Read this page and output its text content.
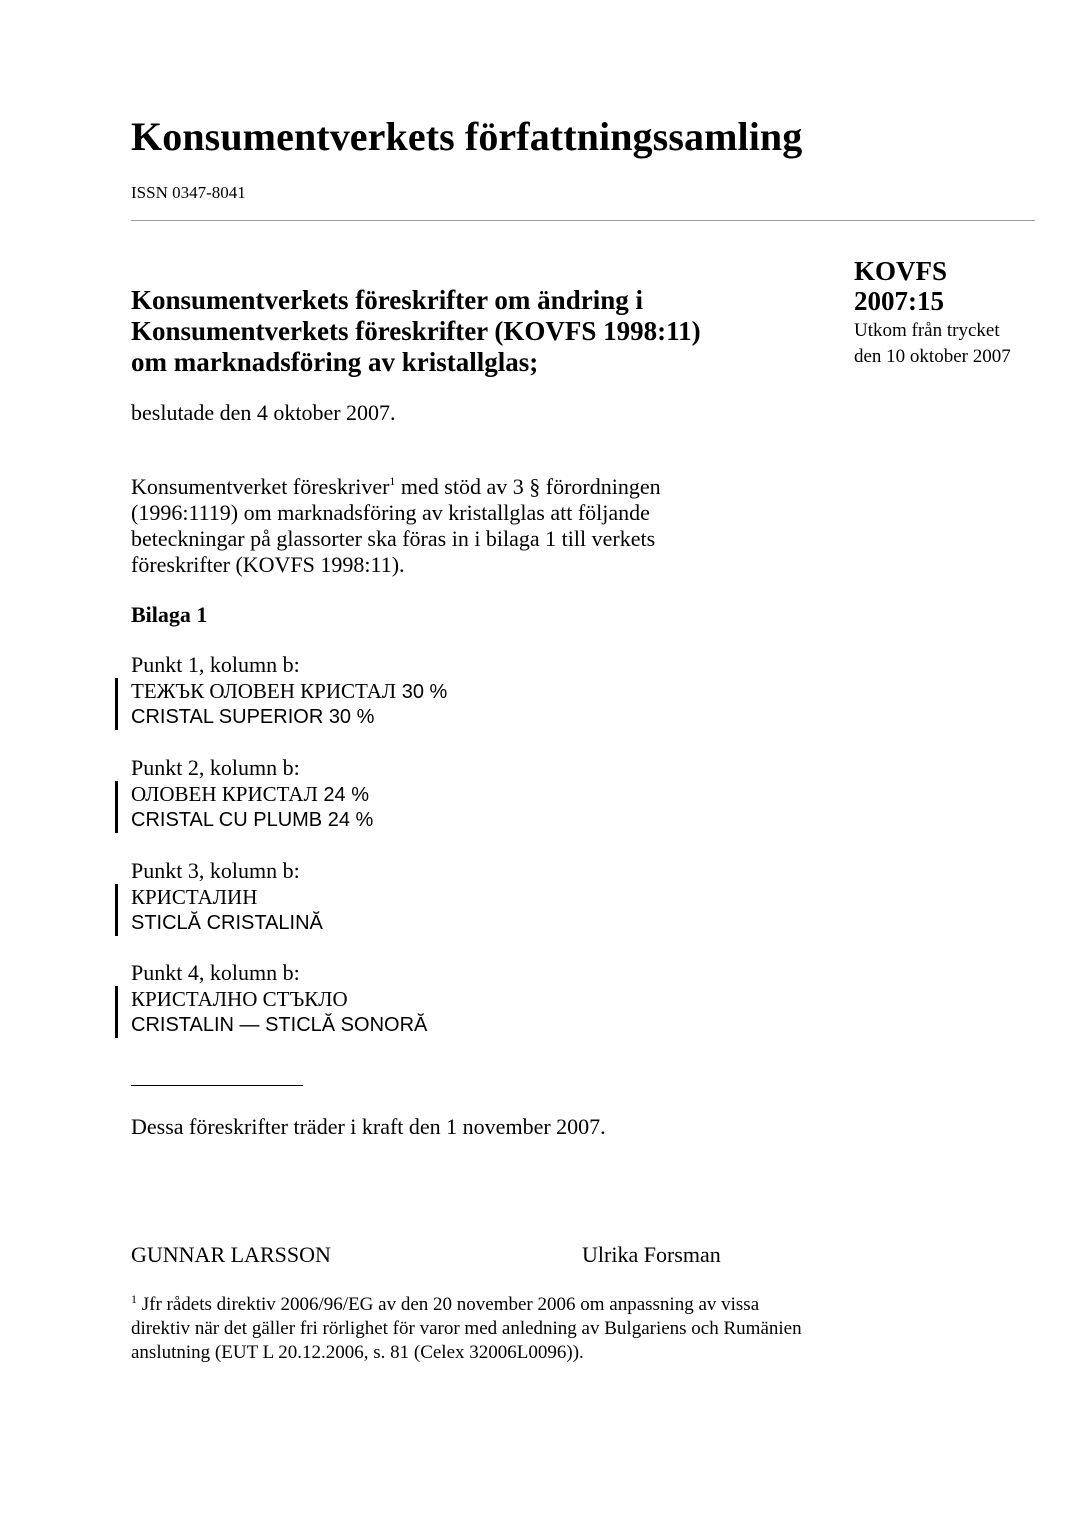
Konsumentverkets författningssamling
ISSN 0347-8041
Konsumentverkets föreskrifter om ändring i
Konsumentverkets föreskrifter (KOVFS 1998:11)
om marknadsföring av kristallglas;
KOVFS
2007:15
Utkom från trycket
den 10 oktober 2007
beslutade den 4 oktober 2007.
Konsumentverket föreskriver$^1$ med stöd av 3 § förordningen (1996:1119) om marknadsföring av kristallglas att följande beteckningar på glassorter ska föras in i bilaga 1 till verkets föreskrifter (KOVFS 1998:11).
Bilaga 1
Punkt 1, kolumn b:
ТЕЖЪК ОЛОВЕН КРИСТАЛ 30 %
CRISTAL SUPERIOR 30 %
Punkt 2, kolumn b:
ОЛОВЕН КРИСТАЛ 24 %
CRISTAL CU PLUMB 24 %
Punkt 3, kolumn b:
КРИСТАЛИН
STICLĂ CRISTALINĂ
Punkt 4, kolumn b:
КРИСТАЛНО СТЪКЛО
CRISTALIN — STICLĂ SONORĂ
Dessa föreskrifter träder i kraft den 1 november 2007.
GUNNAR LARSSON	Ulrika Forsman
$^1$ Jfr rådets direktiv 2006/96/EG av den 20 november 2006 om anpassning av vissa direktiv när det gäller fri rörlighet för varor med anledning av Bulgariens och Rumänien anslutning (EUT L 20.12.2006, s. 81 (Celex 32006L0096)).
